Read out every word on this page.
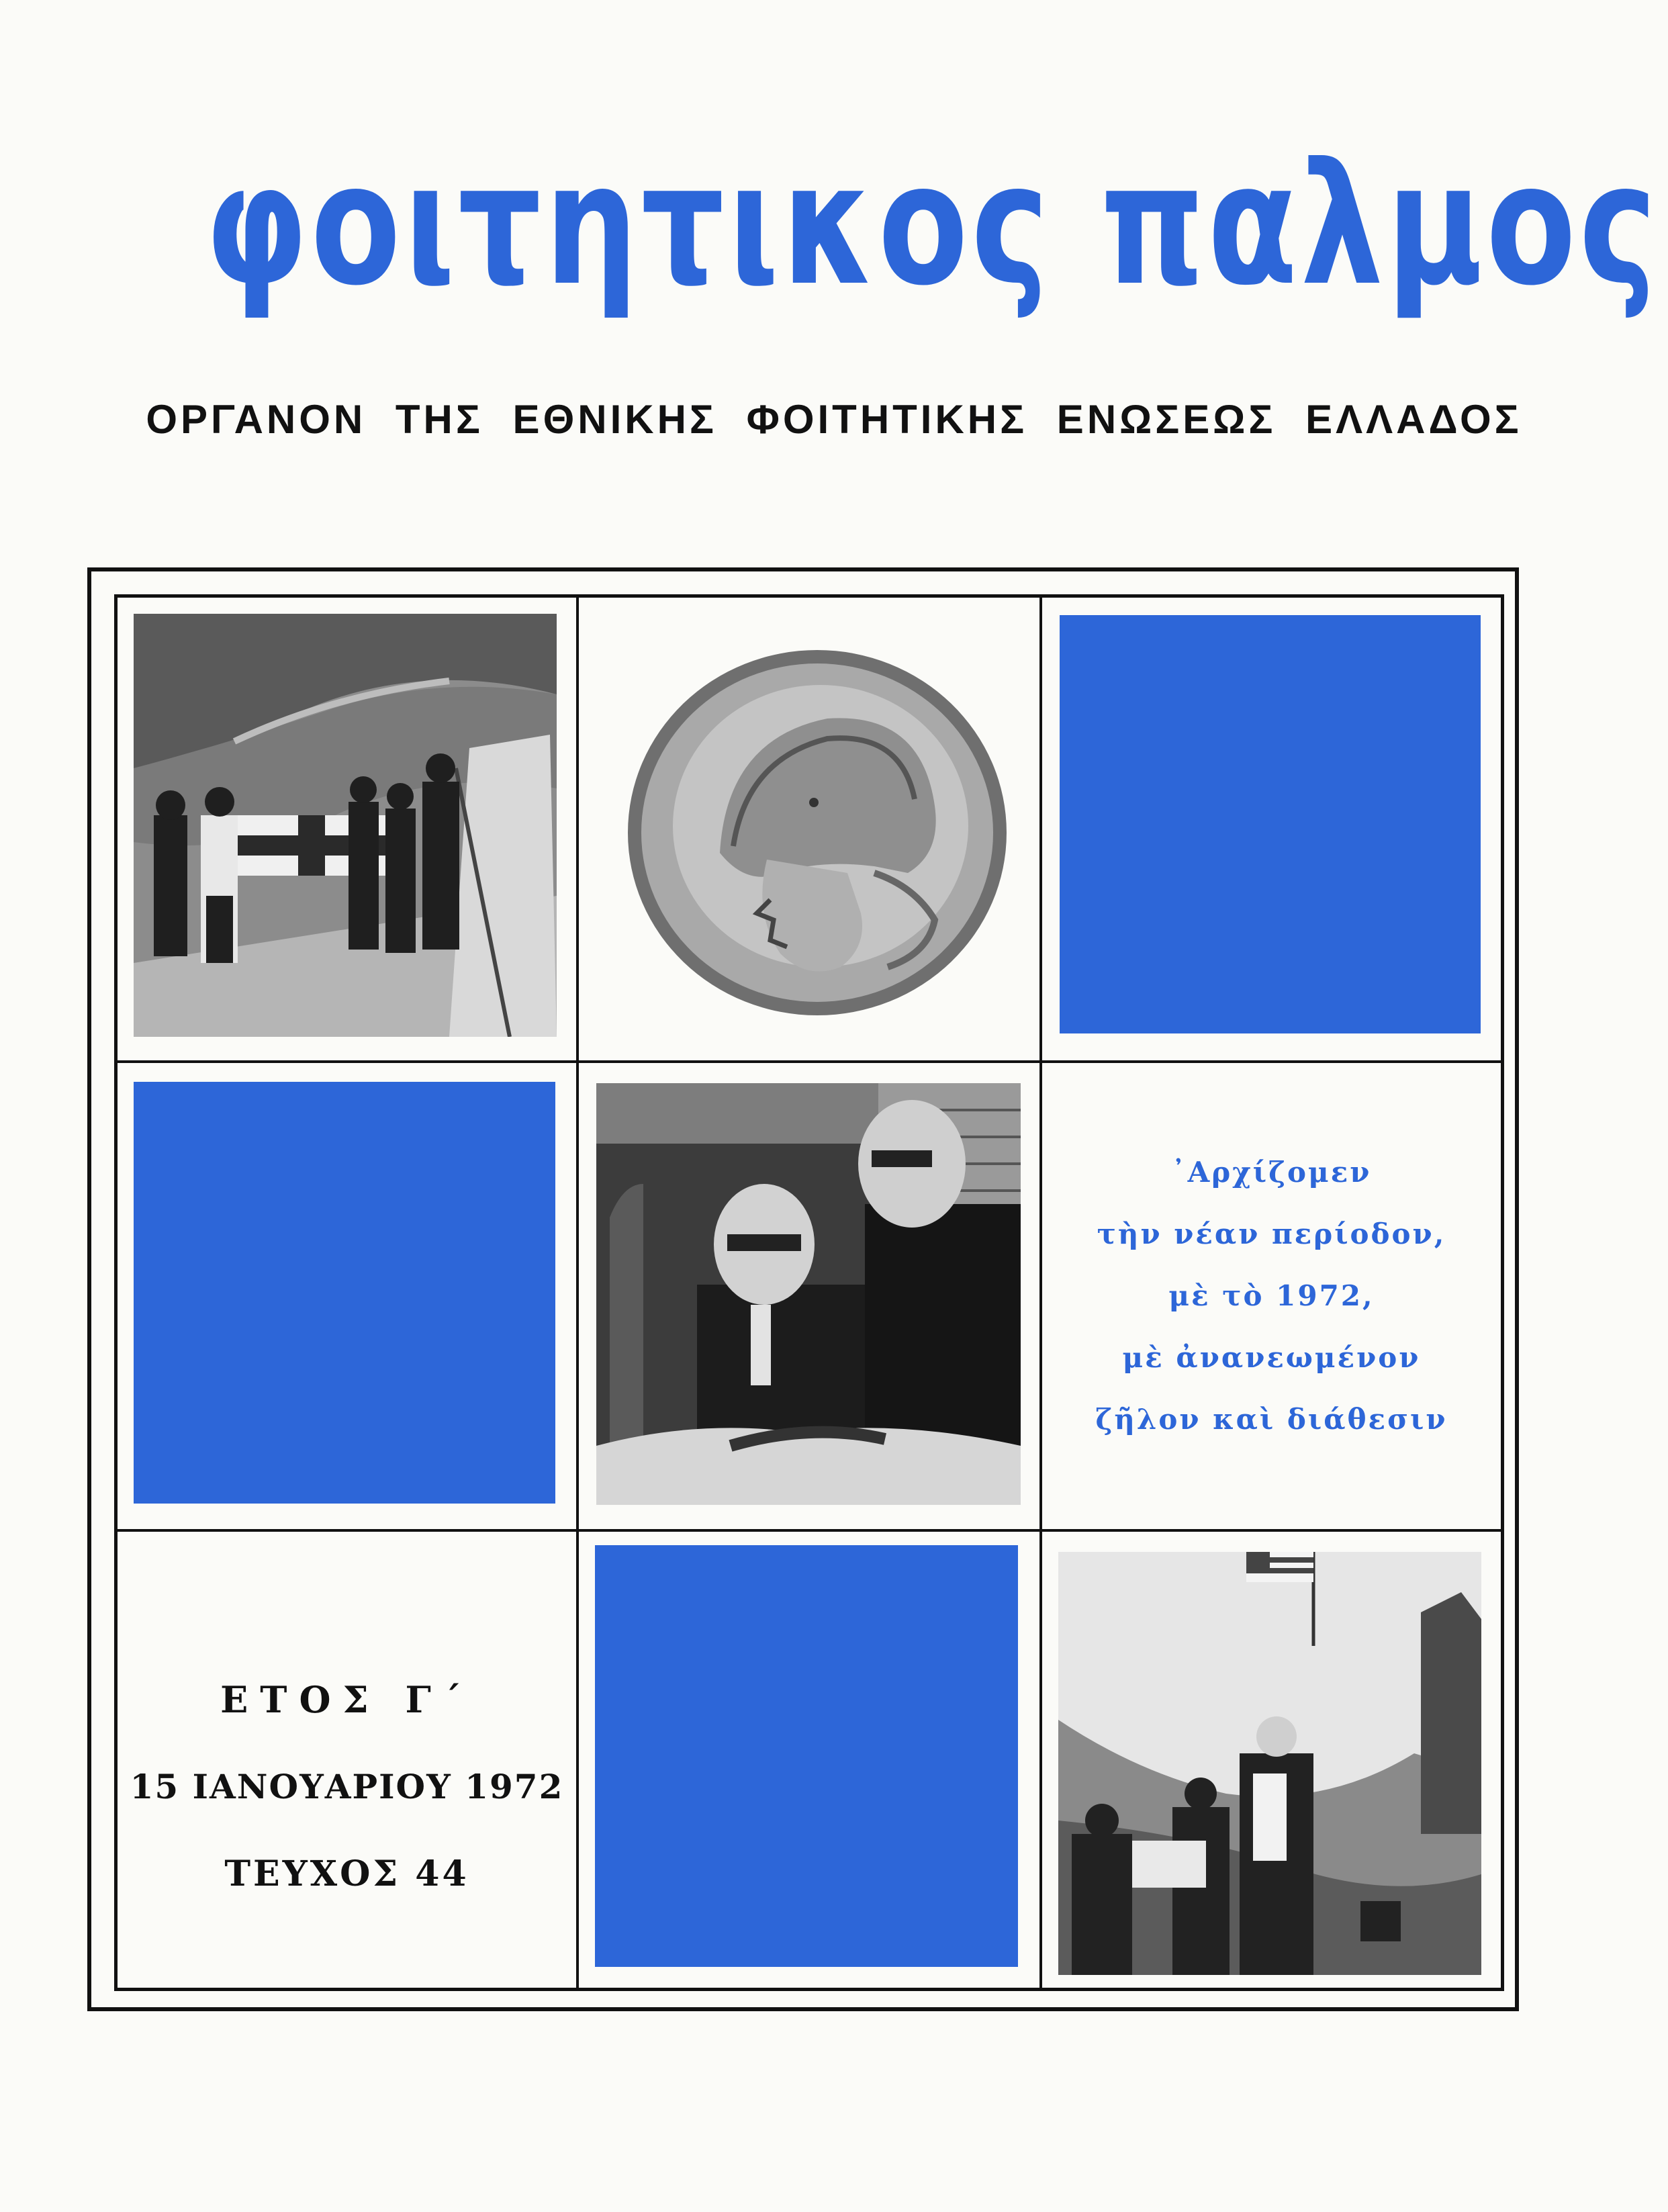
φοιτητικος παλμος
ΟΡΓΑΝΟΝ ΤΗΣ ΕΘΝΙΚΗΣ ΦΟΙΤΗΤΙΚΗΣ ΕΝΩΣΕΩΣ ΕΛΛΑΔΟΣ
᾿Αρχίζομεν
τὴν νέαν περίοδον,
μὲ τὸ 1972,
μὲ ἀνανεωμένον
ζῆλον καὶ διάθεσιν
ΕΤΟΣ Γ΄
15 ΙΑΝΟΥΑΡΙΟΥ 1972
ΤΕΥΧΟΣ 44
